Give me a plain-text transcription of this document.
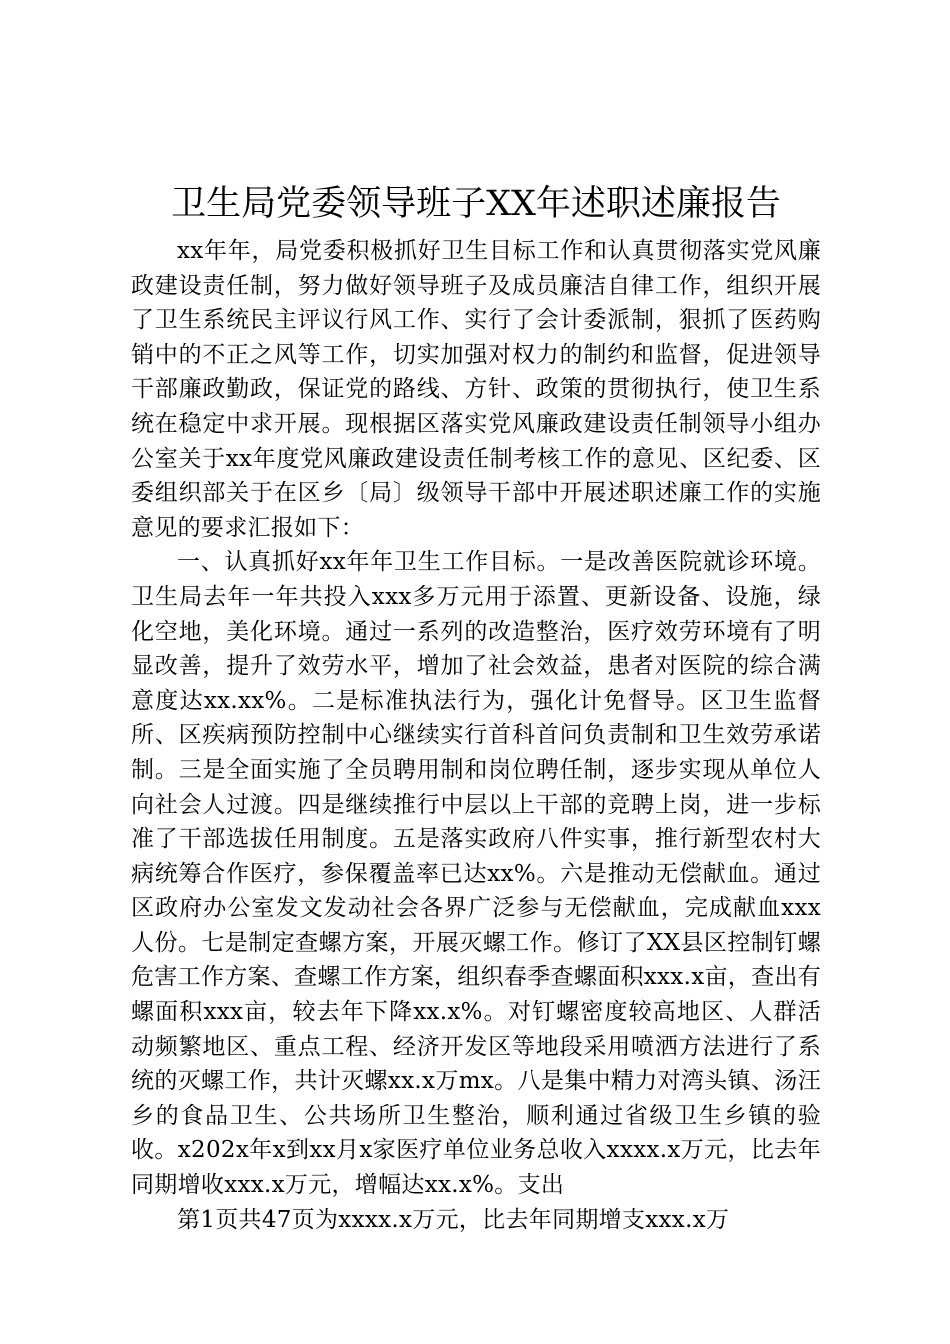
卫生局党委领导班子XX年述职述廉报告

xx年年，局党委积极抓好卫生目标工作和认真贯彻落实党风廉政建设责任制，努力做好领导班子及成员廉洁自律工作，组织开展了卫生系统民主评议行风工作、实行了会计委派制，狠抓了医药购销中的不正之风等工作，切实加强对权力的制约和监督，促进领导干部廉政勤政，保证党的路线、方针、政策的贯彻执行，使卫生系统在稳定中求开展。现根据区落实党风廉政建设责任制领导小组办公室关于xx年度党风廉政建设责任制考核工作的意见、区纪委、区委组织部关于在区乡〔局〕级领导干部中开展述职述廉工作的实施意见的要求汇报如下：

一、认真抓好xx年年卫生工作目标。一是改善医院就诊环境。卫生局去年一年共投入xxx多万元用于添置、更新设备、设施，绿化空地，美化环境。通过一系列的改造整治，医疗效劳环境有了明显改善，提升了效劳水平，增加了社会效益，患者对医院的综合满意度达xx.xx%。二是标准执法行为，强化计免督导。区卫生监督所、区疾病预防控制中心继续实行首科首问负责制和卫生效劳承诺制。三是全面实施了全员聘用制和岗位聘任制，逐步实现从单位人向社会人过渡。四是继续推行中层以上干部的竞聘上岗，进一步标准了干部选拔任用制度。五是落实政府八件实事，推行新型农村大病统筹合作医疗，参保覆盖率已达xx%。六是推动无偿献血。通过区政府办公室发文发动社会各界广泛参与无偿献血，完成献血xxx人份。七是制定查螺方案，开展灭螺工作。修订了XX县区控制钉螺危害工作方案、查螺工作方案，组织春季查螺面积xxx.x亩，查出有螺面积xxx亩，较去年下降xx.x%。对钉螺密度较高地区、人群活动频繁地区、重点工程、经济开发区等地段采用喷洒方法进行了系统的灭螺工作，共计灭螺xx.x万mx。八是集中精力对湾头镇、汤汪乡的食品卫生、公共场所卫生整治，顺利通过省级卫生乡镇的验收。x202x年x到xx月x家医疗单位业务总收入xxxx.x万元，比去年同期增收xxx.x万元，增幅达xx.x%。支出

第1页共47页为xxxx.x万元，比去年同期增支xxx.x万
